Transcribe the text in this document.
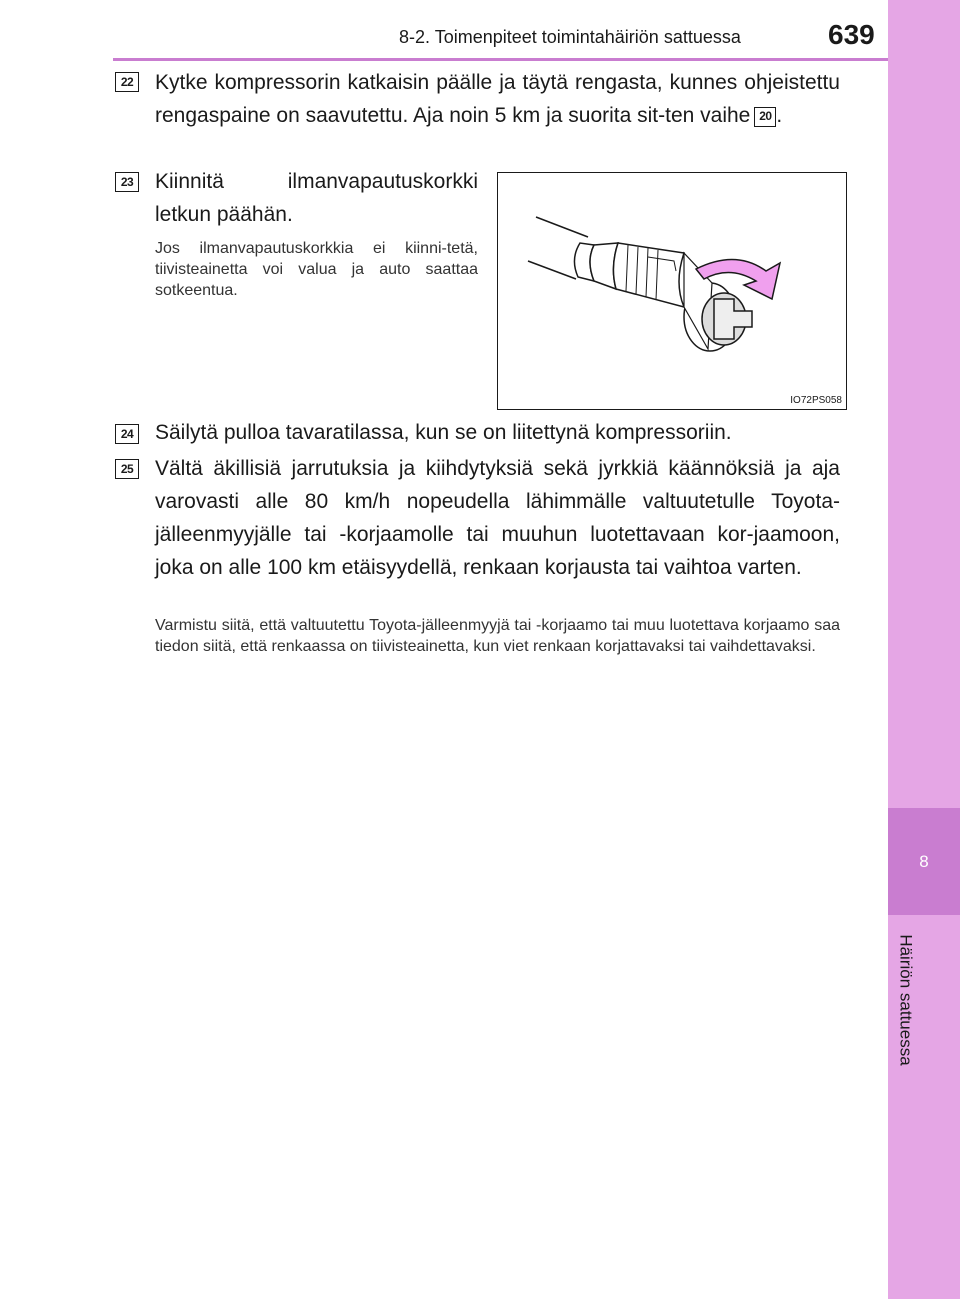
8
Häiriön sattuessa
8-2. Toimenpiteet toimintahäiriön sattuessa	639
22 Kytke kompressorin katkaisin päälle ja täytä rengasta, kunnes ohjeistettu rengaspaine on saavutettu. Aja noin 5 km ja suorita sit-ten vaihe 20 .
23 Kiinnitä ilmanvapautuskorkki letkun päähän.
Jos ilmanvapautuskorkkia ei kiinni-tetä, tiivisteainetta voi valua ja auto saattaa sotkeentua.
IO72PS058
24 Säilytä pulloa tavaratilassa, kun se on liitettynä kompressoriin.
25 Vältä äkillisiä jarrutuksia ja kiihdytyksiä sekä jyrkkiä käännöksiä ja aja varovasti alle 80 km/h nopeudella lähimmälle valtuutetulle Toyota-jälleenmyyjälle tai -korjaamolle tai muuhun luotettavaan kor-jaamoon, joka on alle 100 km etäisyydellä, renkaan korjausta tai vaihtoa varten.
Varmistu siitä, että valtuutettu Toyota-jälleenmyyjä tai -korjaamo tai muu luotettava korjaamo saa tiedon siitä, että renkaassa on tiivisteainetta, kun viet renkaan korjattavaksi tai vaihdettavaksi.
